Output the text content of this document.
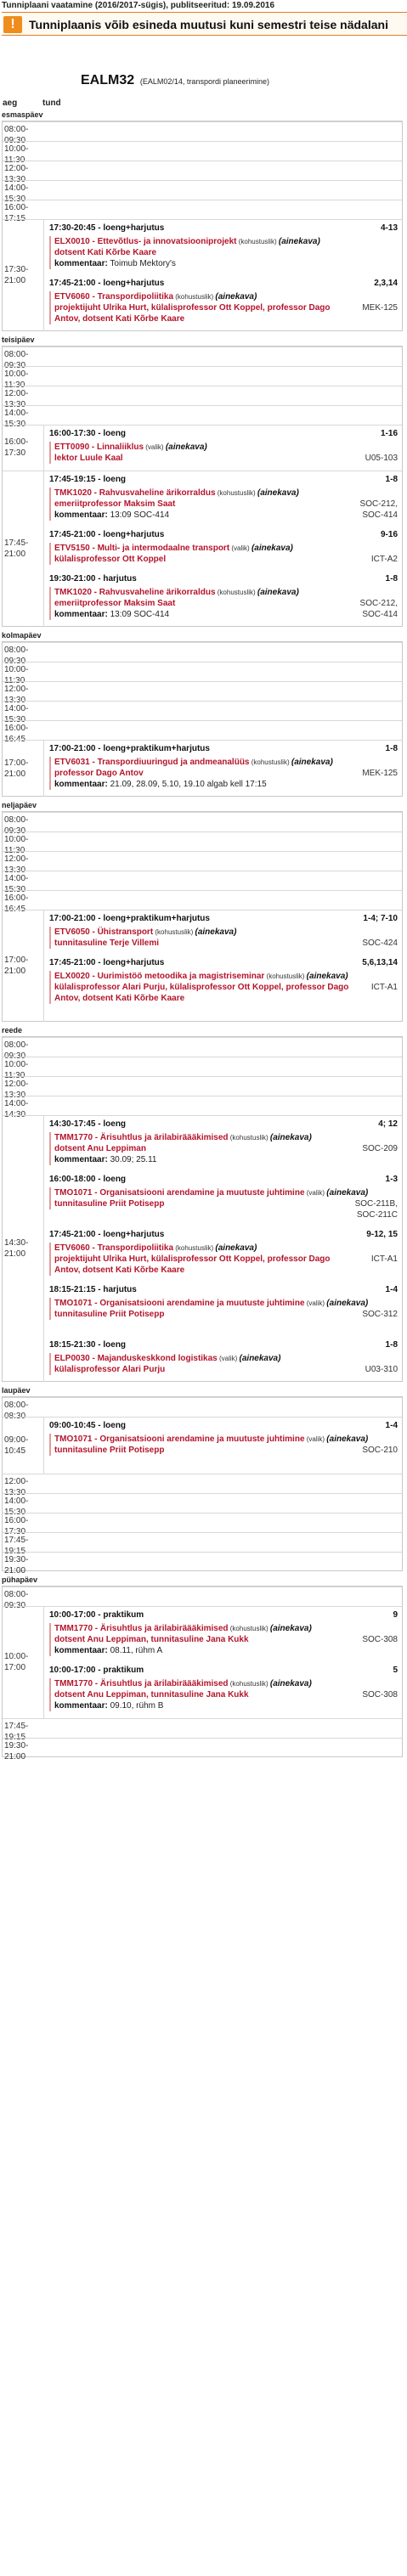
Tunniplaani vaatamine (2016/2017-sügis), publitseeritud: 19.09.2016
!	Tunniplaanis võib esineda muutusi kuni semestri teise nädalani
EALM32 (EALM02/14, transpordi planeerimine)
aeg	tund
esmaspäev
08:00-09:30
10:00-11:30
12:00-13:30
14:00-15:30
16:00-17:15
17:30-21:00
17:30-20:45 - loeng+harjutus	4-13
ELX0010 - Ettevõtlus- ja innovatsiooniprojekt (kohustuslik) (ainekava)
dotsent Kati Kõrbe Kaare
kommentaar: Toimub Mektory's
17:45-21:00 - loeng+harjutus	2,3,14
ETV6060 - Transpordipoliitika (kohustuslik) (ainekava)
projektijuht Ulrika Hurt, külalisprofessor Ott Koppel, professor Dago Antov, dotsent Kati Kõrbe Kaare
MEK-125
teisipäev
08:00-09:30
10:00-11:30
12:00-13:30
14:00-15:30
16:00-17:30
16:00-17:30 - loeng	1-16
ETT0090 - Linnaliiklus (valik) (ainekava)
lektor Luule Kaal	U05-103
17:45-21:00
17:45-19:15 - loeng	1-8
TMK1020 - Rahvusvaheline ärikorraldus (kohustuslik) (ainekava)
emeriitprofessor Maksim Saat	SOC-212, SOC-414
kommentaar: 13:09 SOC-414
17:45-21:00 - loeng+harjutus	9-16
ETV5150 - Multi- ja intermodaalne transport (valik) (ainekava)
külalisprofessor Ott Koppel	ICT-A2
19:30-21:00 - harjutus	1-8
TMK1020 - Rahvusvaheline ärikorraldus (kohustuslik) (ainekava)
emeriitprofessor Maksim Saat	SOC-212, SOC-414
kommentaar: 13:09 SOC-414
kolmapäev
08:00-09:30
10:00-11:30
12:00-13:30
14:00-15:30
16:00-16:45
17:00-21:00
17:00-21:00 - loeng+praktikum+harjutus	1-8
ETV6031 - Transpordiuuringud ja andmeanalüüs (kohustuslik) (ainekava)
professor Dago Antov	MEK-125
kommentaar: 21.09, 28.09, 5.10, 19.10 algab kell 17:15
neljapäev
08:00-09:30
10:00-11:30
12:00-13:30
14:00-15:30
16:00-16:45
17:00-21:00
17:00-21:00 - loeng+praktikum+harjutus	1-4; 7-10
ETV6050 - Ühistransport (kohustuslik) (ainekava)
tunnitasuline Terje Villemi	SOC-424
17:45-21:00 - loeng+harjutus	5,6,13,14
ELX0020 - Uurimistöö metoodika ja magistriseminar (kohustuslik) (ainekava)
külalisprofessor Alari Purju, külalisprofessor Ott Koppel, professor Dago Antov, dotsent Kati Kõrbe Kaare
ICT-A1
reede
08:00-09:30
10:00-11:30
12:00-13:30
14:00-14:30
14:30-21:00
14:30-17:45 - loeng	4; 12
TMM1770 - Ärisuhtlus ja ärilabiräääkimised (kohustuslik) (ainekava)
dotsent Anu Leppiman	SOC-209
kommentaar: 30.09; 25.11
16:00-18:00 - loeng	1-3
TMO1071 - Organisatsiooni arendamine ja muutuste juhtimine (valik) (ainekava)
tunnitasuline Priit Potisepp	SOC-211B, SOC-211C
17:45-21:00 - loeng+harjutus	9-12, 15
ETV6060 - Transpordipoliitika (kohustuslik) (ainekava)
projektijuht Ulrika Hurt, külalisprofessor Ott Koppel, professor Dago Antov, dotsent Kati Kõrbe Kaare
ICT-A1
18:15-21:15 - harjutus	1-4
TMO1071 - Organisatsiooni arendamine ja muutuste juhtimine (valik) (ainekava)
tunnitasuline Priit Potisepp	SOC-312
18:15-21:30 - loeng	1-8
ELP0030 - Majanduskeskkond logistikas (valik) (ainekava)
külalisprofessor Alari Purju	U03-310
laupäev
08:00-08:30
09:00-10:45
09:00-10:45 - loeng	1-4
TMO1071 - Organisatsiooni arendamine ja muutuste juhtimine (valik) (ainekava)
tunnitasuline Priit Potisepp	SOC-210
12:00-13:30
14:00-15:30
16:00-17:30
17:45-19:15
19:30-21:00
pühapäev
08:00-09:30
10:00-17:00
10:00-17:00 - praktikum	9
TMM1770 - Ärisuhtlus ja ärilabiräääkimised (kohustuslik) (ainekava)
dotsent Anu Leppiman, tunnitasuline Jana Kukk	SOC-308
kommentaar: 08.11, rühm A
10:00-17:00 - praktikum	5
TMM1770 - Ärisuhtlus ja ärilabiräääkimised (kohustuslik) (ainekava)
dotsent Anu Leppiman, tunnitasuline Jana Kukk	SOC-308
kommentaar: 09.10, rühm B
17:45-19:15
19:30-21:00
